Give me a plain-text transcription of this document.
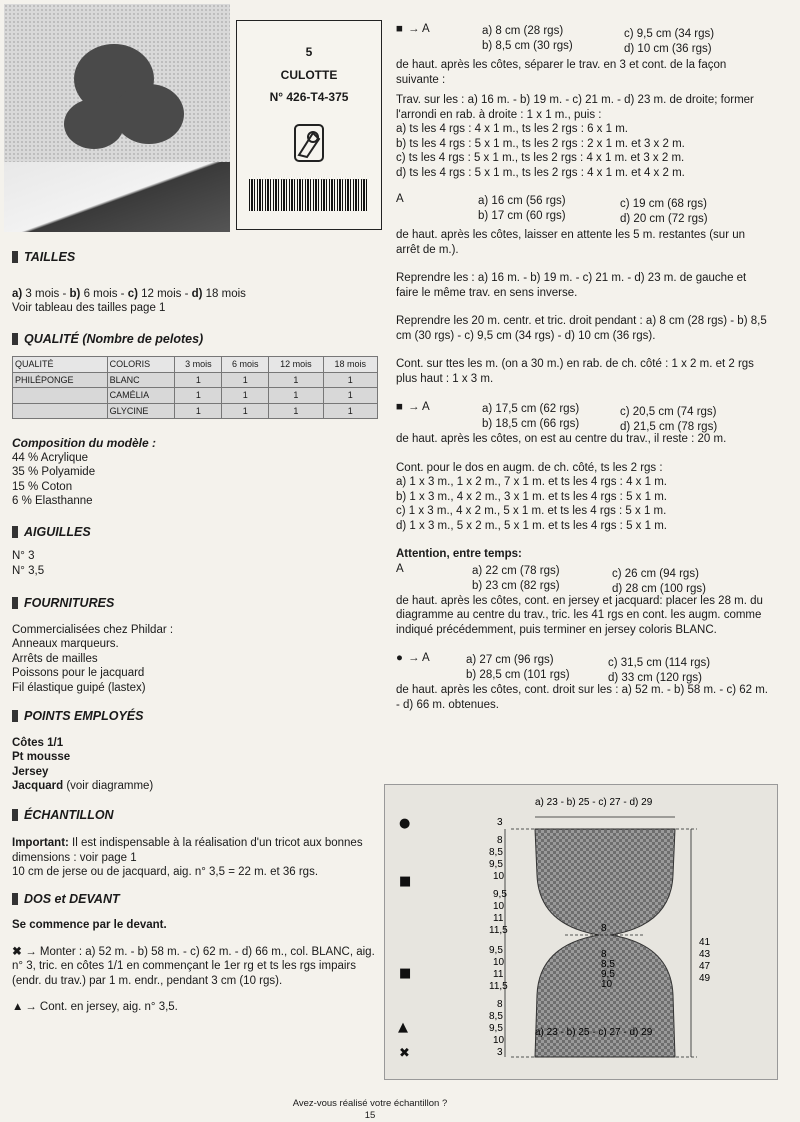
5
CULOTTE
N° 426-T4-375
TAILLES

a) 3 mois - b) 6 mois - c) 12 mois - d) 18 mois

Voir tableau des tailles page 1

QUALITÉ (Nombre de pelotes)
QUALITÉ	COLORIS	3 mois	6 mois	12 mois	18 mois
PHILÉPONGE	BLANC	1	1	1	1
	CAMÉLIA	1	1	1	1
	GLYCINE	1	1	1	1

Composition du modèle :

44 % Acrylique

35 % Polyamide

15 % Coton

6 % Elasthanne

AIGUILLES

N° 3

N° 3,5

FOURNITURES

Commercialisées chez Phildar :

Anneaux marqueurs.

Arrêts de mailles

Poissons pour le jacquard

Fil élastique guipé (lastex)

POINTS EMPLOYÉS

Côtes 1/1

Pt mousse

Jersey

Jacquard (voir diagramme)

ÉCHANTILLON

Important: Il est indispensable à la réalisation d'un tricot aux bonnes dimensions : voir page 1

10 cm de jerse ou de jacquard, aig. n° 3,5 = 22 m. et 36 rgs.

DOS et DEVANT

Se commence par le devant.

✖ → Monter : a) 52 m. - b) 58 m. - c) 62 m. - d) 66 m., col. BLANC, aig. n° 3, tric. en côtes 1/1 en commençant le 1er rg et ts les rgs impairs (endr. du trav.) par 1 m. endr., pendant 3 cm (10 rgs).

▲ → Cont. en jersey, aig. n° 3,5.

■ → A	a) 8 cm (28 rgs)	c) 9,5 cm (34 rgs)
b) 8,5 cm (30 rgs)	d) 10 cm (36 rgs)

de haut. après les côtes, séparer le trav. en 3 et cont. de la façon suivante :

Trav. sur les : a) 16 m. - b) 19 m. - c) 21 m. - d) 23 m. de droite; former l'arrondi en rab. à droite : 1 x 1 m., puis :

a) ts les 4 rgs : 4 x 1 m., ts les 2 rgs : 6 x 1 m.

b) ts les 4 rgs : 5 x 1 m., ts les 2 rgs : 2 x 1 m. et 3 x 2 m.

c) ts les 4 rgs : 5 x 1 m., ts les 2 rgs : 4 x 1 m. et 3 x 2 m.

d) ts les 4 rgs : 5 x 1 m., ts les 2 rgs : 4 x 1 m. et 4 x 2 m.

A	a) 16 cm (56 rgs)	c) 19 cm (68 rgs)
b) 17 cm (60 rgs)	d) 20 cm (72 rgs)

de haut. après les côtes, laisser en attente les 5 m. restantes (sur un arrêt de m.).

Reprendre les : a) 16 m. - b) 19 m. - c) 21 m. - d) 23 m. de gauche et faire le même trav. en sens inverse.

Reprendre les 20 m. centr. et tric. droit pendant : a) 8 cm (28 rgs) - b) 8,5 cm (30 rgs) - c) 9,5 cm (34 rgs) - d) 10 cm (36 rgs).

Cont. sur ttes les m. (on a 30 m.) en rab. de ch. côté : 1 x 2 m. et 2 rgs plus haut : 1 x 3 m.

■ → A	a) 17,5 cm (62 rgs)	c) 20,5 cm (74 rgs)
b) 18,5 cm (66 rgs)	d) 21,5 cm (78 rgs)

de haut. après les côtes, on est au centre du trav., il reste : 20 m.

Cont. pour le dos en augm. de ch. côté, ts les 2 rgs :

a) 1 x 3 m., 1 x 2 m., 7 x 1 m. et ts les 4 rgs : 4 x 1 m.

b) 1 x 3 m., 4 x 2 m., 3 x 1 m. et ts les 4 rgs : 5 x 1 m.

c) 1 x 3 m., 4 x 2 m., 5 x 1 m. et ts les 4 rgs : 5 x 1 m.

d) 1 x 3 m., 5 x 2 m., 5 x 1 m. et ts les 4 rgs : 5 x 1 m.

Attention, entre temps:

A	a) 22 cm (78 rgs)	c) 26 cm (94 rgs)
b) 23 cm (82 rgs)	d) 28 cm (100 rgs)

de haut. après les côtes, cont. en jersey et jacquard: placer les 28 m. du diagramme au centre du trav., tric. les 41 rgs en cont. les augm. comme indiqué précédemment, puis terminer en jersey coloris BLANC.

● → A	a) 27 cm (96 rgs)	c) 31,5 cm (114 rgs)
b) 28,5 cm (101 rgs)	d) 33 cm (120 rgs)

de haut. après les côtes, cont. droit sur les : a) 52 m. - b) 58 m. - c) 62 m. - d) 66 m. obtenues.

a) 23 - b) 25 - c) 27 - d) 29
a) 23 - b) 25 - c) 27 - d) 29
3
8
8,5
9,5
10
9,5
10
11
11,5
9,5
10
11
11,5
8
8,5
9,5
10
3
8
8
8,5
9,5
10
41
43
47
49
●
■
■
▲
✖
Avez-vous réalisé votre échantillon ?
15
